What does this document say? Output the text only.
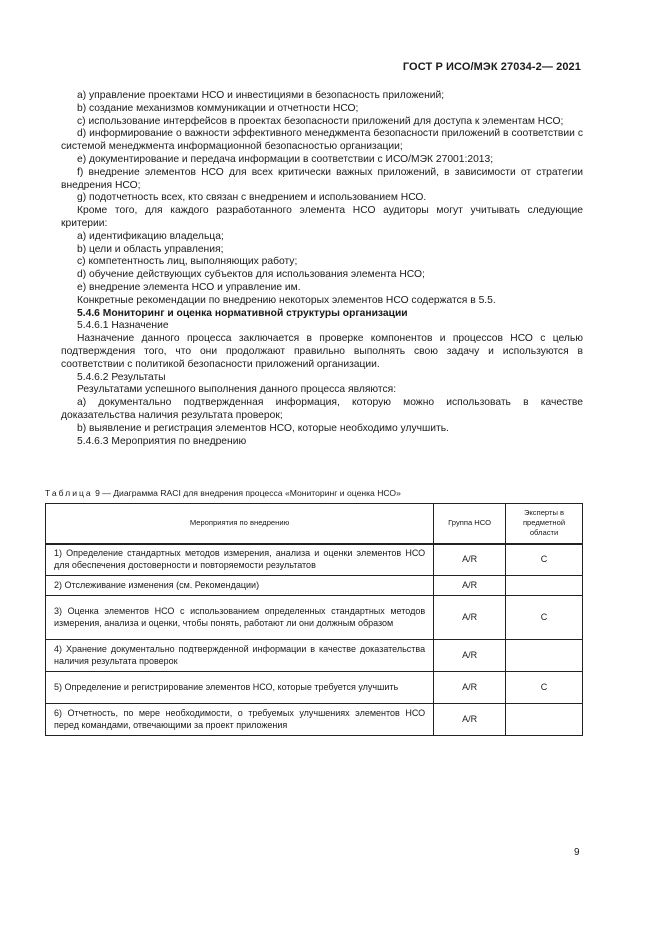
ГОСТ Р ИСО/МЭК 27034-2— 2021

a) управление проектами НСО и инвестициями в безопасность приложений;

b) создание механизмов коммуникации и отчетности НСО;

c) использование интерфейсов в проектах безопасности приложений для доступа к элементам НСО;

d) информирование о важности эффективного менеджмента безопасности приложений в соответствии с системой менеджмента информационной безопасностью организации;

e) документирование и передача информации в соответствии с ИСО/МЭК 27001:2013;

f) внедрение элементов НСО для всех критически важных приложений, в зависимости от стратегии внедрения НСО;

g) подотчетность всех, кто связан с внедрением и использованием НСО.

Кроме того, для каждого разработанного элемента НСО аудиторы могут учитывать следующие критерии:

a) идентификацию владельца;

b) цели и область управления;

c) компетентность лиц, выполняющих работу;

d) обучение действующих субъектов для использования элемента НСО;

e) внедрение элемента НСО и управление им.

Конкретные рекомендации по внедрению некоторых элементов НСО содержатся в 5.5.

5.4.6 Мониторинг и оценка нормативной структуры организации

5.4.6.1 Назначение

Назначение данного процесса заключается в проверке компонентов и процессов НСО с целью подтверждения того, что они продолжают правильно выполнять свою задачу и используются в соответствии с политикой безопасности приложений организации.

5.4.6.2 Результаты

Результатами успешного выполнения данного процесса являются:

a) документально подтвержденная информация, которую можно использовать в качестве доказательства наличия результата проверок;

b) выявление и регистрация элементов НСО, которые необходимо улучшить.

5.4.6.3 Мероприятия по внедрению

Таблица 9 — Диаграмма RACI для внедрения процесса «Мониторинг и оценка НСО»
Мероприятия по внедрению	Группа НСО	Эксперты в предметной области
1) Определение стандартных методов измерения, анализа и оценки элементов НСО для обеспечения достоверности и повторяемости результатов	A/R	C
2) Отслеживание изменения (см. Рекомендации)	A/R	
3) Оценка элементов НСО с использованием определенных стандартных методов измерения, анализа и оценки, чтобы понять, работают ли они должным образом	A/R	C
4) Хранение документально подтвержденной информации в качестве доказательства наличия результата проверок	A/R	
5) Определение и регистрирование элементов НСО, которые требуется улучшить	A/R	C
6) Отчетность, по мере необходимости, о требуемых улучшениях элементов НСО перед командами, отвечающими за проект приложения	A/R	
9
